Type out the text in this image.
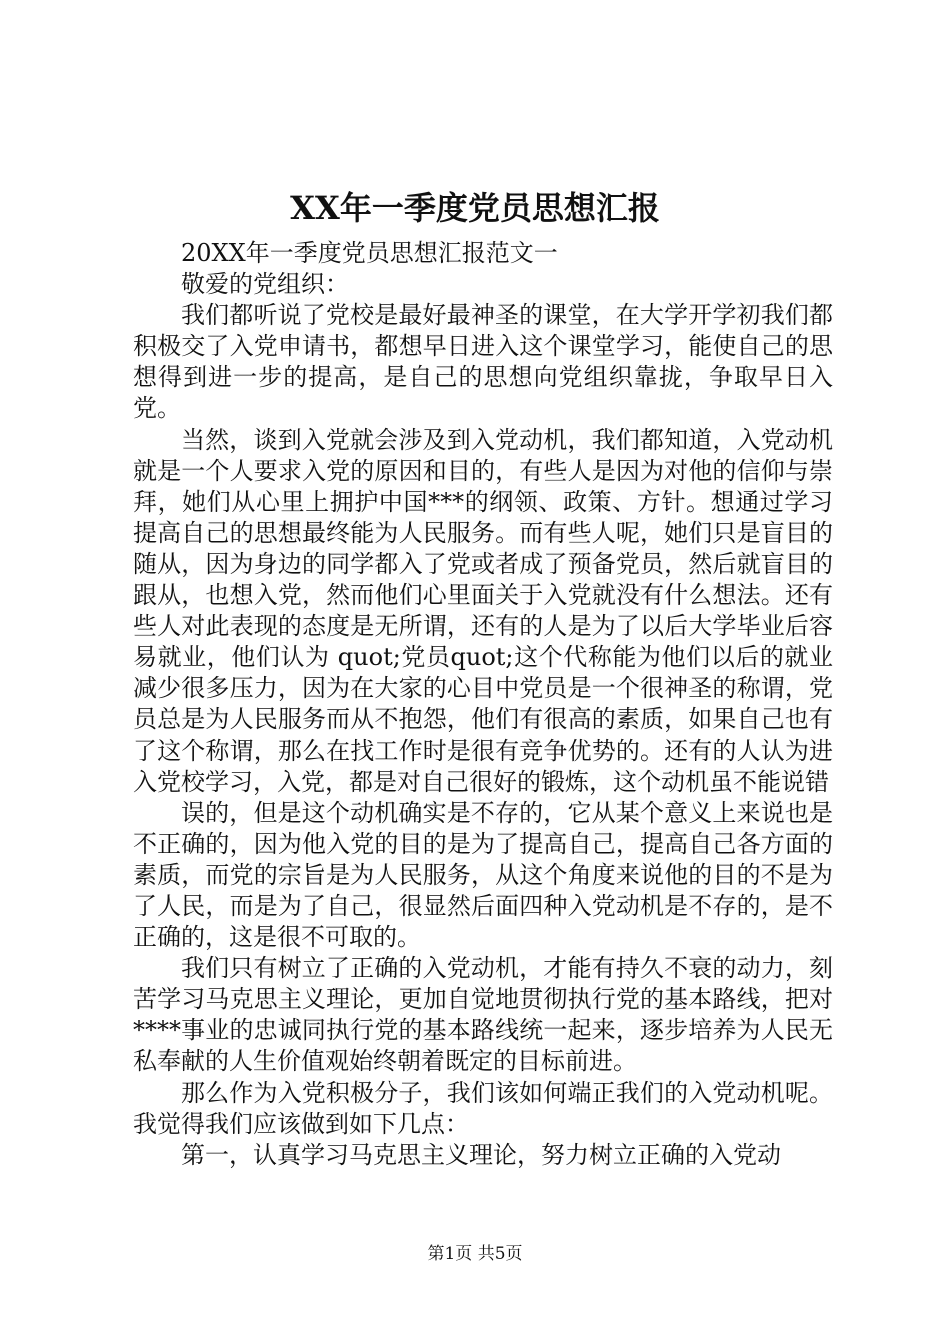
XX年一季度党员思想汇报

20XX年一季度党员思想汇报范文一

敬爱的党组织：

我们都听说了党校是最好最神圣的课堂，在大学开学初我们都积极交了入党申请书，都想早日进入这个课堂学习，能使自己的思想得到进一步的提高，是自己的思想向党组织靠拢，争取早日入党。

当然，谈到入党就会涉及到入党动机，我们都知道，入党动机就是一个人要求入党的原因和目的，有些人是因为对他的信仰与崇拜，她们从心里上拥护中国***的纲领、政策、方针。想通过学习提高自己的思想最终能为人民服务。而有些人呢，她们只是盲目的随从，因为身边的同学都入了党或者成了预备党员，然后就盲目的跟从，也想入党，然而他们心里面关于入党就没有什么想法。还有些人对此表现的态度是无所谓，还有的人是为了以后大学毕业后容易就业，他们认为 quot;党员quot;这个代称能为他们以后的就业减少很多压力，因为在大家的心目中党员是一个很神圣的称谓，党员总是为人民服务而从不抱怨，他们有很高的素质，如果自己也有了这个称谓，那么在找工作时是很有竞争优势的。还有的人认为进入党校学习，入党，都是对自己很好的锻炼，这个动机虽不能说错

误的，但是这个动机确实是不存的，它从某个意义上来说也是不正确的，因为他入党的目的是为了提高自己，提高自己各方面的素质，而党的宗旨是为人民服务，从这个角度来说他的目的不是为了人民，而是为了自己，很显然后面四种入党动机是不存的，是不正确的，这是很不可取的。

我们只有树立了正确的入党动机，才能有持久不衰的动力，刻苦学习马克思主义理论，更加自觉地贯彻执行党的基本路线，把对****事业的忠诚同执行党的基本路线统一起来，逐步培养为人民无私奉献的人生价值观始终朝着既定的目标前进。

那么作为入党积极分子，我们该如何端正我们的入党动机呢。我觉得我们应该做到如下几点：

第一，认真学习马克思主义理论，努力树立正确的入党动

第1页 共5页
